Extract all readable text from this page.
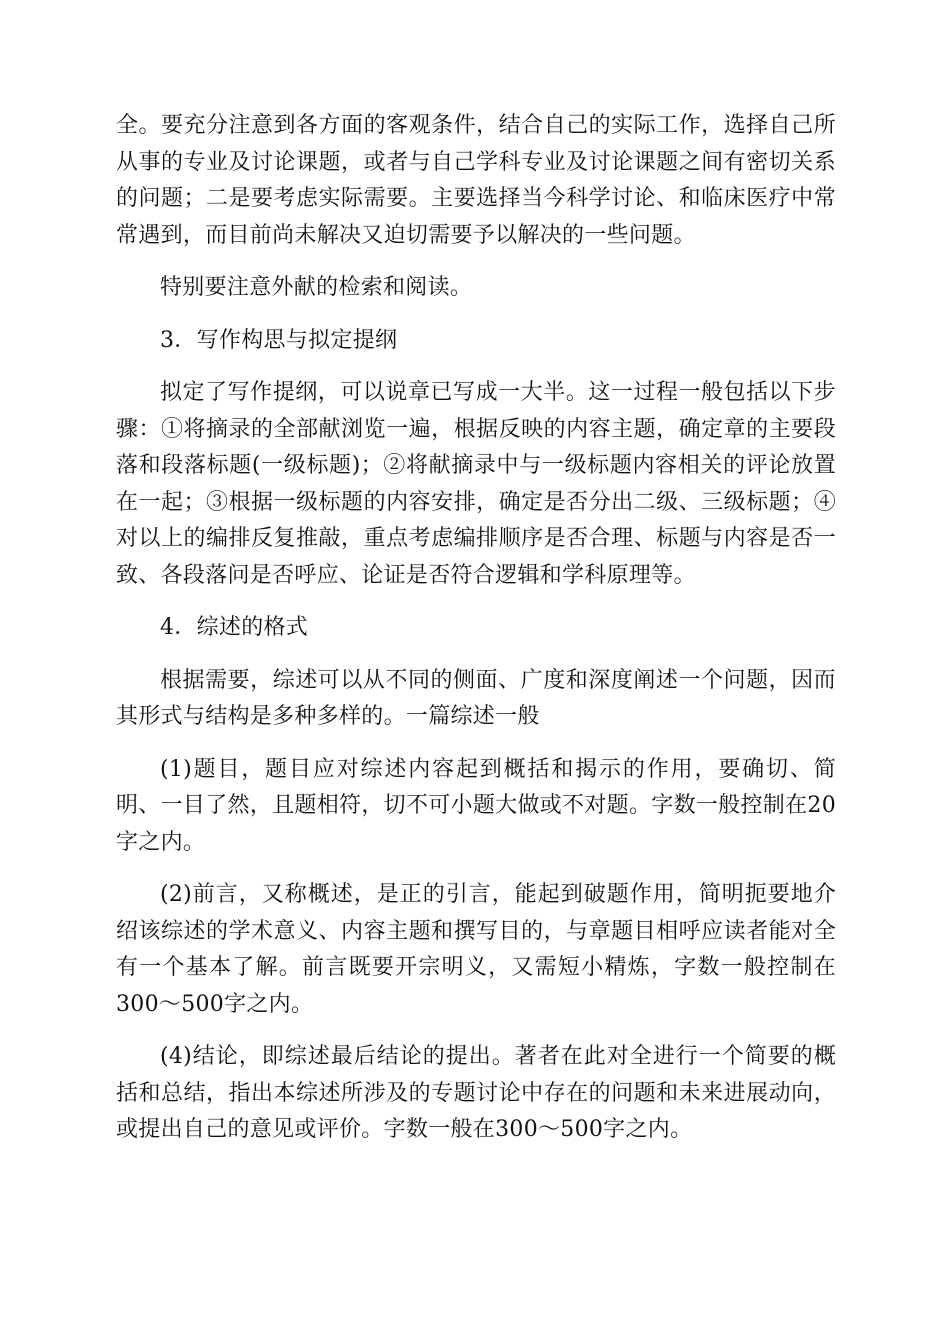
全。要充分注意到各方面的客观条件，结合自己的实际工作，选择自己所从事的专业及讨论课题，或者与自己学科专业及讨论课题之间有密切关系的问题；二是要考虑实际需要。主要选择当今科学讨论、和临床医疗中常常遇到，而目前尚未解决又迫切需要予以解决的一些问题。

特别要注意外献的检索和阅读。

3．写作构思与拟定提纲

拟定了写作提纲，可以说章已写成一大半。这一过程一般包括以下步骤：①将摘录的全部献浏览一遍，根据反映的内容主题，确定章的主要段落和段落标题(一级标题)；②将献摘录中与一级标题内容相关的评论放置在一起；③根据一级标题的内容安排，确定是否分出二级、三级标题；④对以上的编排反复推敲，重点考虑编排顺序是否合理、标题与内容是否一致、各段落问是否呼应、论证是否符合逻辑和学科原理等。

4．综述的格式

根据需要，综述可以从不同的侧面、广度和深度阐述一个问题，因而其形式与结构是多种多样的。一篇综述一般

(1)题目，题目应对综述内容起到概括和揭示的作用，要确切、简明、一目了然，且题相符，切不可小题大做或不对题。字数一般控制在20字之内。

(2)前言，又称概述，是正的引言，能起到破题作用，简明扼要地介绍该综述的学术意义、内容主题和撰写目的，与章题目相呼应读者能对全有一个基本了解。前言既要开宗明义，又需短小精炼，字数一般控制在300～500字之内。

(4)结论，即综述最后结论的提出。著者在此对全进行一个简要的概括和总结，指出本综述所涉及的专题讨论中存在的问题和未来进展动向，或提出自己的意见或评价。字数一般在300～500字之内。
